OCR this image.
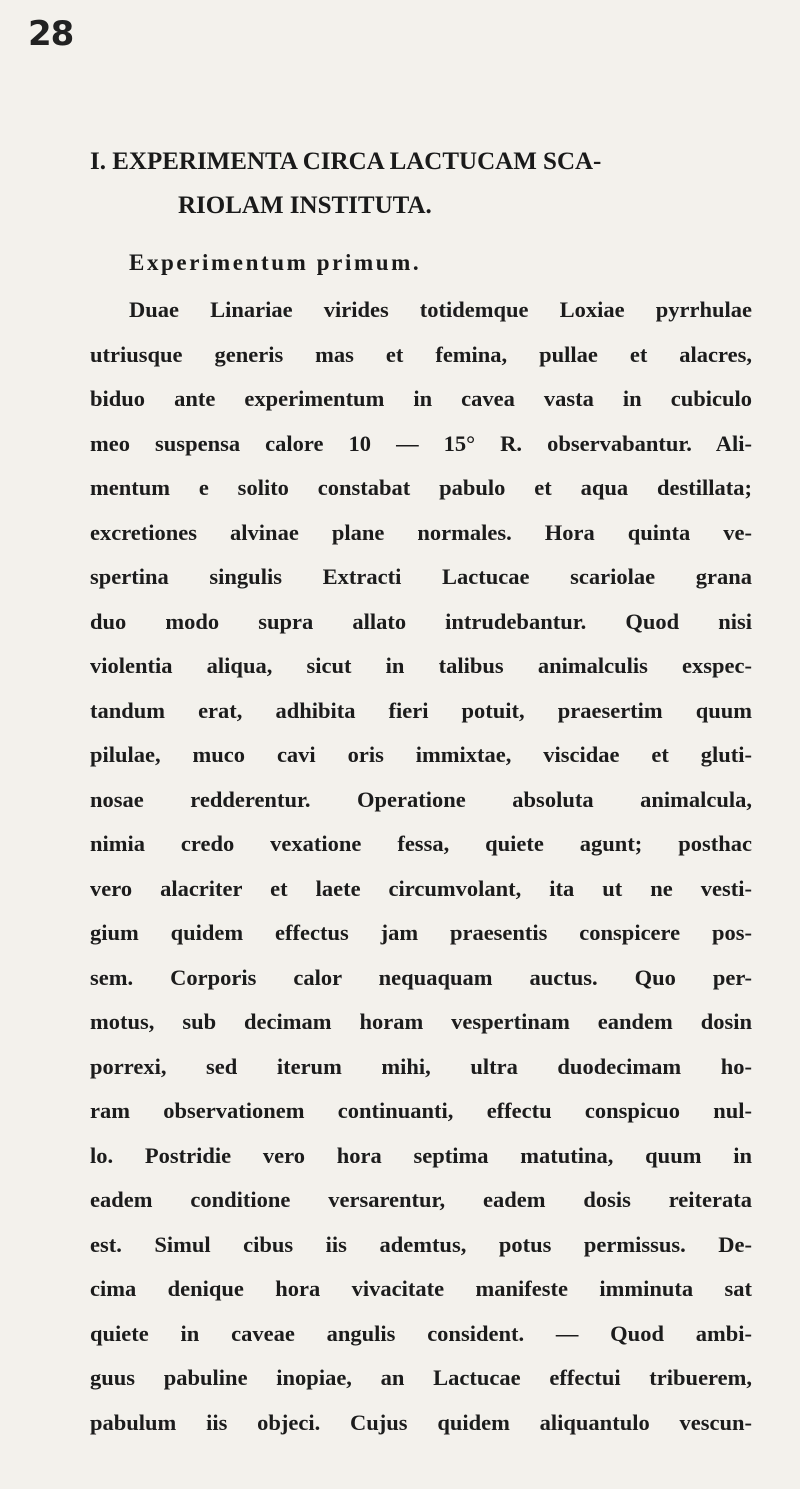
28
I. EXPERIMENTA CIRCA LACTUCAM SCA-
RIOLAM INSTITUTA.
Experimentum primum.
Duae Linariae virides totidemque Loxiae pyrrhulae
utriusque generis mas et femina, pullae et alacres,
biduo ante experimentum in cavea vasta in cubiculo
meo suspensa calore 10 — 15° R. observabantur. Ali-
mentum e solito constabat pabulo et aqua destillata;
excretiones alvinae plane normales. Hora quinta ve-
spertina singulis Extracti Lactucae scariolae grana
duo modo supra allato intrudebantur. Quod nisi
violentia aliqua, sicut in talibus animalculis exspec-
tandum erat, adhibita fieri potuit, praesertim quum
pilulae, muco cavi oris immixtae, viscidae et gluti-
nosae redderentur. Operatione absoluta animalcula,
nimia credo vexatione fessa, quiete agunt; posthac
vero alacriter et laete circumvolant, ita ut ne vesti-
gium quidem effectus jam praesentis conspicere pos-
sem. Corporis calor nequaquam auctus. Quo per-
motus, sub decimam horam vespertinam eandem dosin
porrexi, sed iterum mihi, ultra duodecimam ho-
ram observationem continuanti, effectu conspicuo nul-
lo. Postridie vero hora septima matutina, quum in
eadem conditione versarentur, eadem dosis reiterata
est. Simul cibus iis ademtus, potus permissus. De-
cima denique hora vivacitate manifeste imminuta sat
quiete in caveae angulis consident. — Quod ambi-
guus pabuline inopiae, an Lactucae effectui tribuerem,
pabulum iis objeci. Cujus quidem aliquantulo vescun-
